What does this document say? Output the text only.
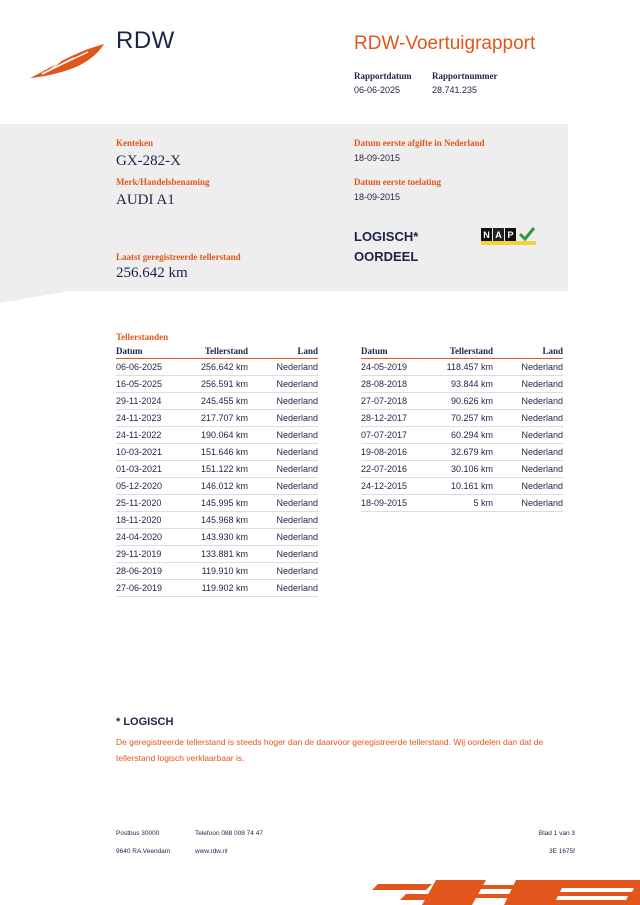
RDW	RDW-Voertuigrapport
Rapportdatum
06-06-2025
Rapportnummer
28.741.235
Kenteken
GX-282-X
Merk/Handelsbenaming
AUDI A1
Laatst geregistreerde tellerstand
256.642 km
Datum eerste afgifte in Nederland
18-09-2015
Datum eerste toelating
18-09-2015
LOGISCH*
OORDEEL
N A P
Tellerstanden
Datum	Tellerstand	Land
06-06-2025	256.642 km	Nederland
16-05-2025	256.591 km	Nederland
29-11-2024	245.455 km	Nederland
24-11-2023	217.707 km	Nederland
24-11-2022	190.064 km	Nederland
10-03-2021	151.646 km	Nederland
01-03-2021	151.122 km	Nederland
05-12-2020	146.012 km	Nederland
25-11-2020	145.995 km	Nederland
18-11-2020	145.968 km	Nederland
24-04-2020	143.930 km	Nederland
29-11-2019	133.881 km	Nederland
28-06-2019	119.910 km	Nederland
27-06-2019	119.902 km	Nederland
Datum	Tellerstand	Land
24-05-2019	118.457 km	Nederland
28-08-2018	93.844 km	Nederland
27-07-2018	90.626 km	Nederland
28-12-2017	70.257 km	Nederland
07-07-2017	60.294 km	Nederland
19-08-2016	32.679 km	Nederland
22-07-2016	30.106 km	Nederland
24-12-2015	10.161 km	Nederland
18-09-2015	5 km	Nederland
* LOGISCH
De geregistreerde tellerstand is steeds hoger dan de daarvoor geregistreerde tellerstand. Wij oordelen dan dat de tellerstand logisch verklaarbaar is.
Postbus 30000
9640 RA Veendam
Telefoon 088 008 74 47
www.rdw.nl
Blad 1 van 3
3E 1675f
